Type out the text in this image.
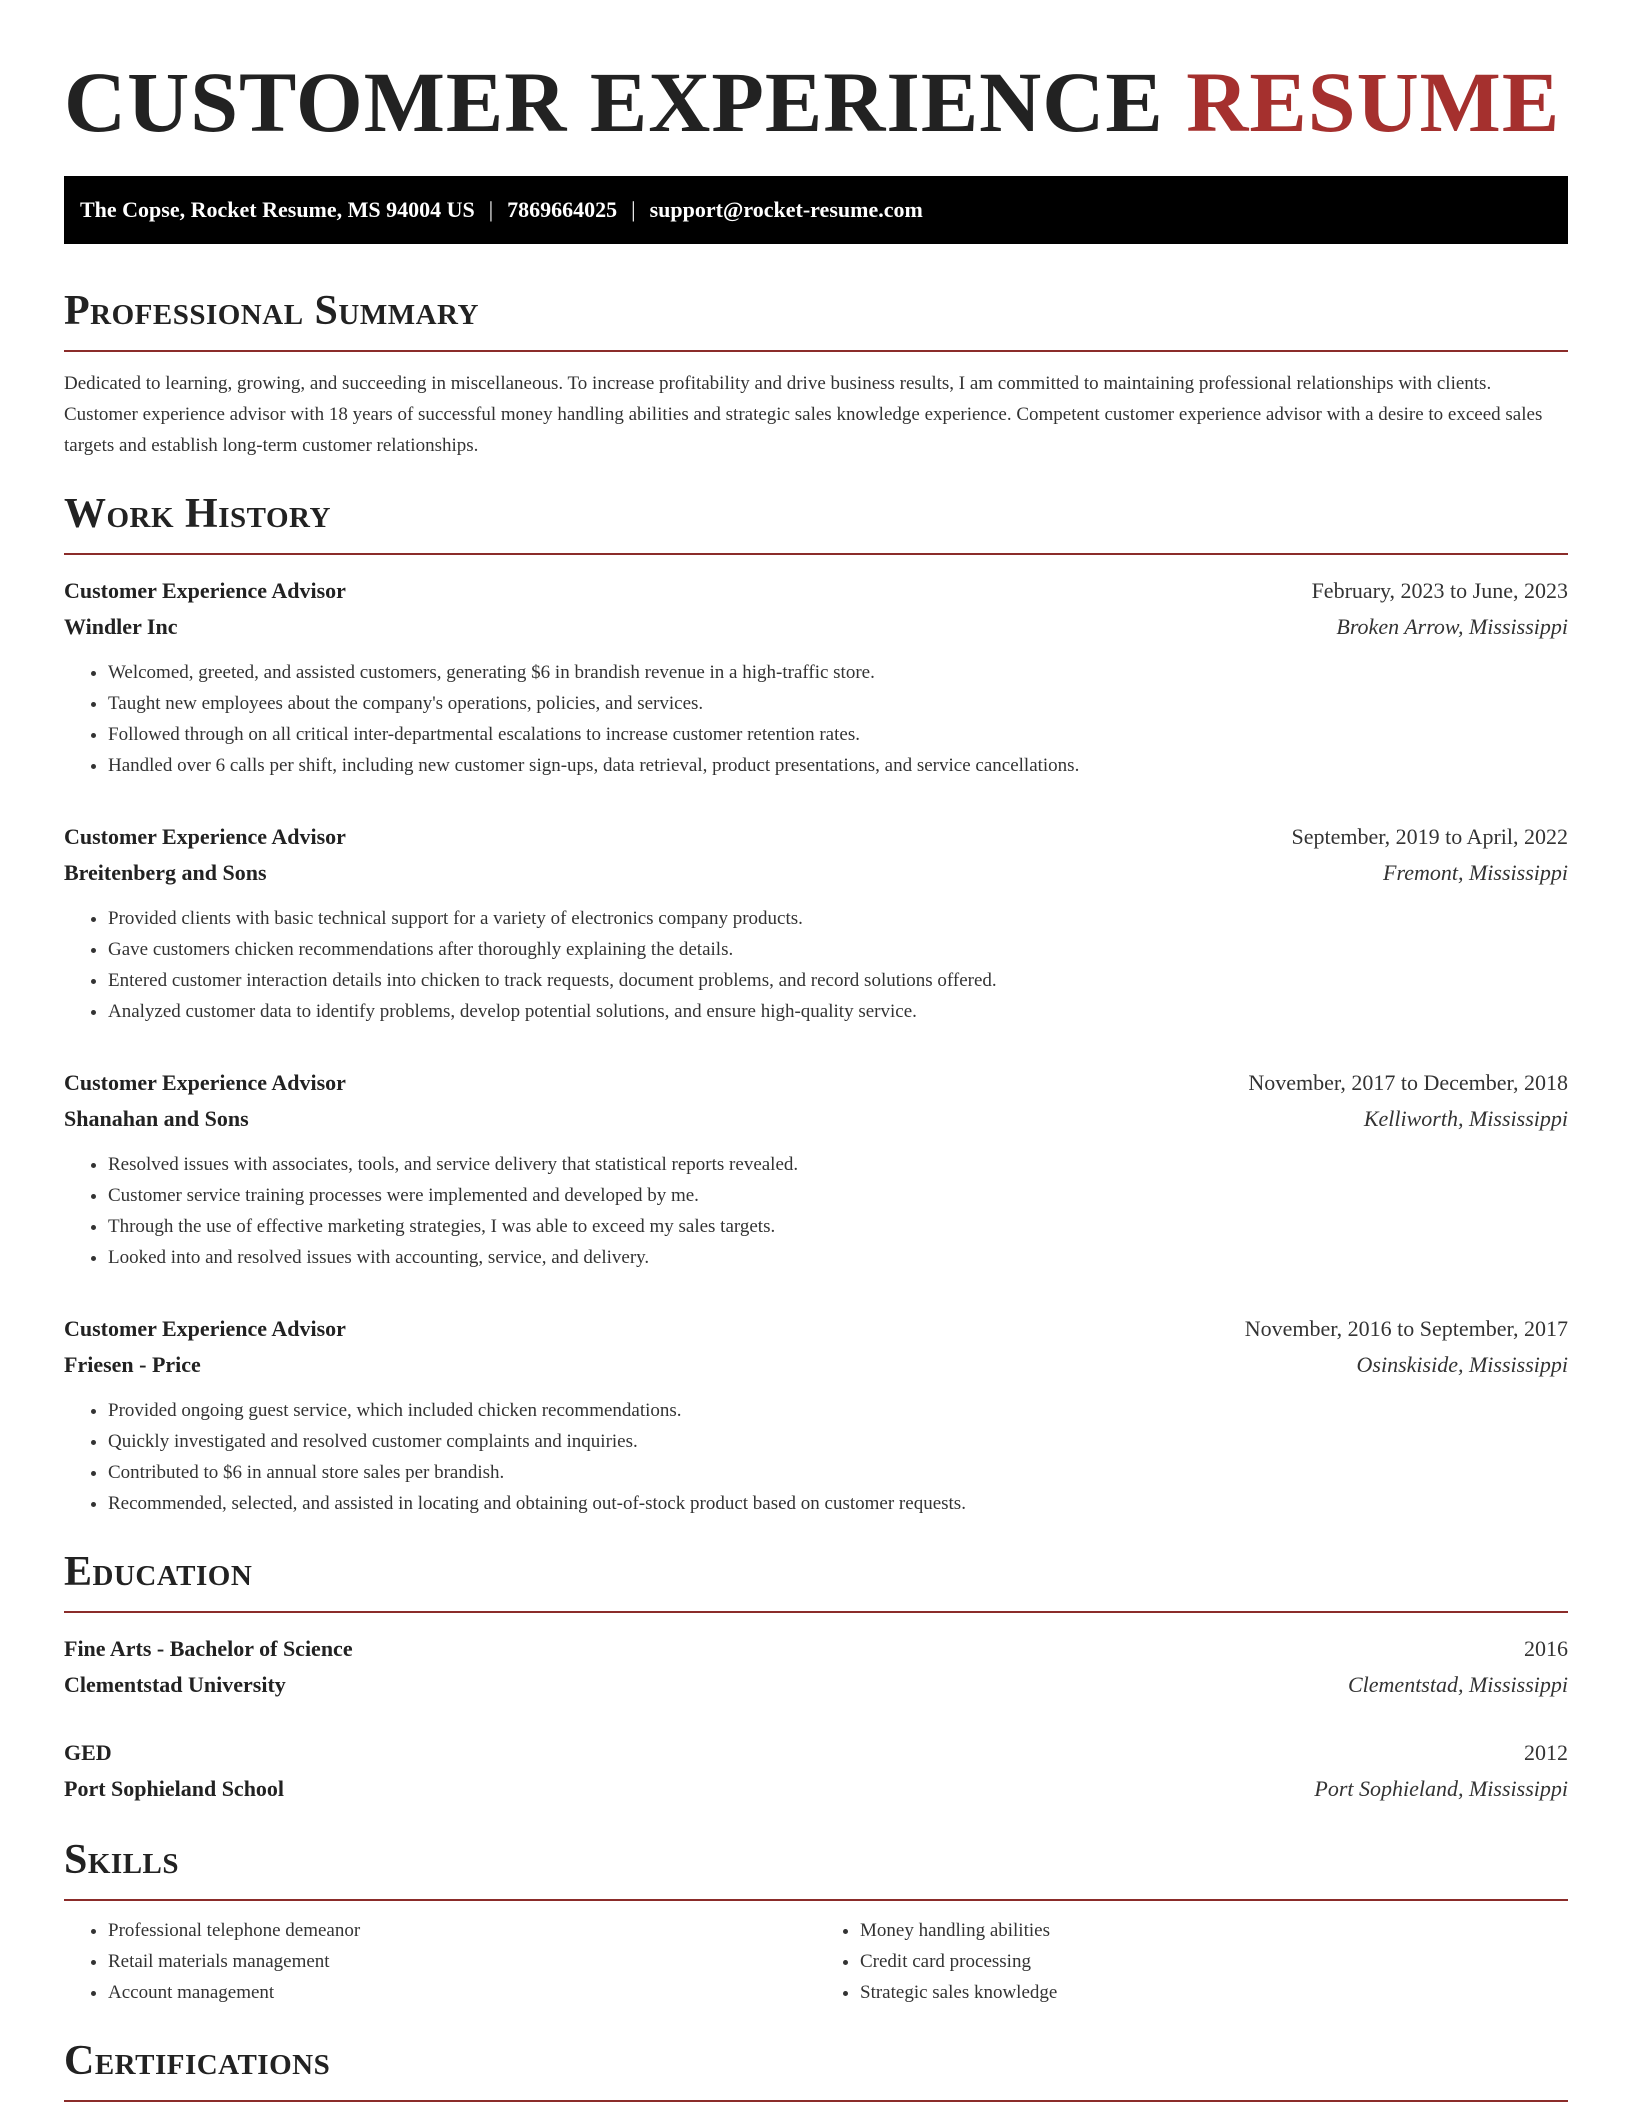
CUSTOMER EXPERIENCE RESUME
The Copse, Rocket Resume, MS 94004 US | 7869664025 | support@rocket-resume.com
Professional Summary

Dedicated to learning, growing, and succeeding in miscellaneous. To increase profitability and drive business results, I am committed to maintaining professional relationships with clients. Customer experience advisor with 18 years of successful money handling abilities and strategic sales knowledge experience. Competent customer experience advisor with a desire to exceed sales targets and establish long-term customer relationships.

Work History
Customer Experience Advisor	February, 2023 to June, 2023
Windler Inc	Broken Arrow, Mississippi
• Welcomed, greeted, and assisted customers, generating $6 in brandish revenue in a high-traffic store.
• Taught new employees about the company's operations, policies, and services.
• Followed through on all critical inter-departmental escalations to increase customer retention rates.
• Handled over 6 calls per shift, including new customer sign-ups, data retrieval, product presentations, and service cancellations.
Customer Experience Advisor	September, 2019 to April, 2022
Breitenberg and Sons	Fremont, Mississippi
• Provided clients with basic technical support for a variety of electronics company products.
• Gave customers chicken recommendations after thoroughly explaining the details.
• Entered customer interaction details into chicken to track requests, document problems, and record solutions offered.
• Analyzed customer data to identify problems, develop potential solutions, and ensure high-quality service.
Customer Experience Advisor	November, 2017 to December, 2018
Shanahan and Sons	Kelliworth, Mississippi
• Resolved issues with associates, tools, and service delivery that statistical reports revealed.
• Customer service training processes were implemented and developed by me.
• Through the use of effective marketing strategies, I was able to exceed my sales targets.
• Looked into and resolved issues with accounting, service, and delivery.
Customer Experience Advisor	November, 2016 to September, 2017
Friesen - Price	Osinskiside, Mississippi
• Provided ongoing guest service, which included chicken recommendations.
• Quickly investigated and resolved customer complaints and inquiries.
• Contributed to $6 in annual store sales per brandish.
• Recommended, selected, and assisted in locating and obtaining out-of-stock product based on customer requests.
Education
Fine Arts - Bachelor of Science	2016
Clementstad University	Clementstad, Mississippi
GED	2012
Port Sophieland School	Port Sophieland, Mississippi
Skills
• Professional telephone demeanor
• Retail materials management
• Account management
• Money handling abilities
• Credit card processing
• Strategic sales knowledge
Certifications
